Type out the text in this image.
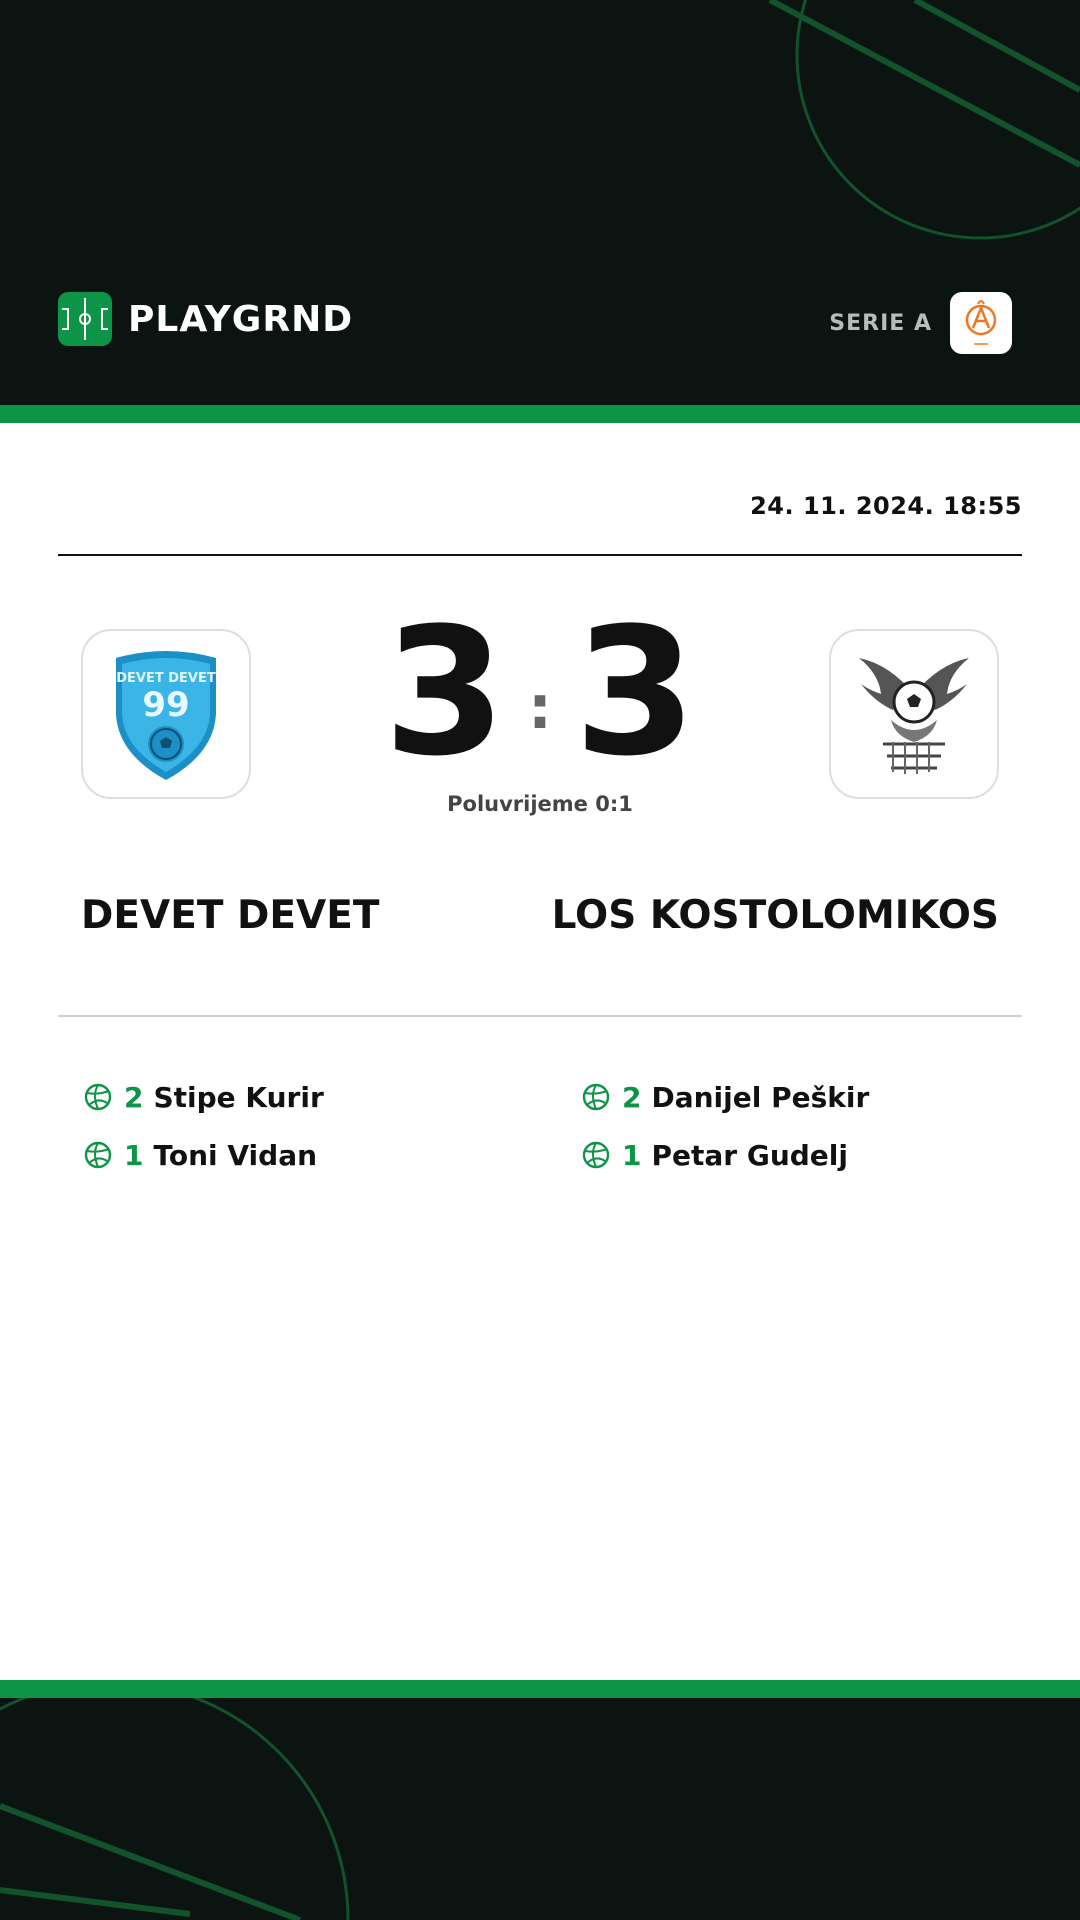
PLAYGRND	SERIE A
24. 11. 2024. 18:55
DEVET DEVET
99 3 : 3
Poluvrijeme 0:1
DEVET DEVET	LOS KOSTOLOMIKOS
2 Stipe Kurir
1 Toni Vidan
2 Danijel Peškir
1 Petar Gudelj
